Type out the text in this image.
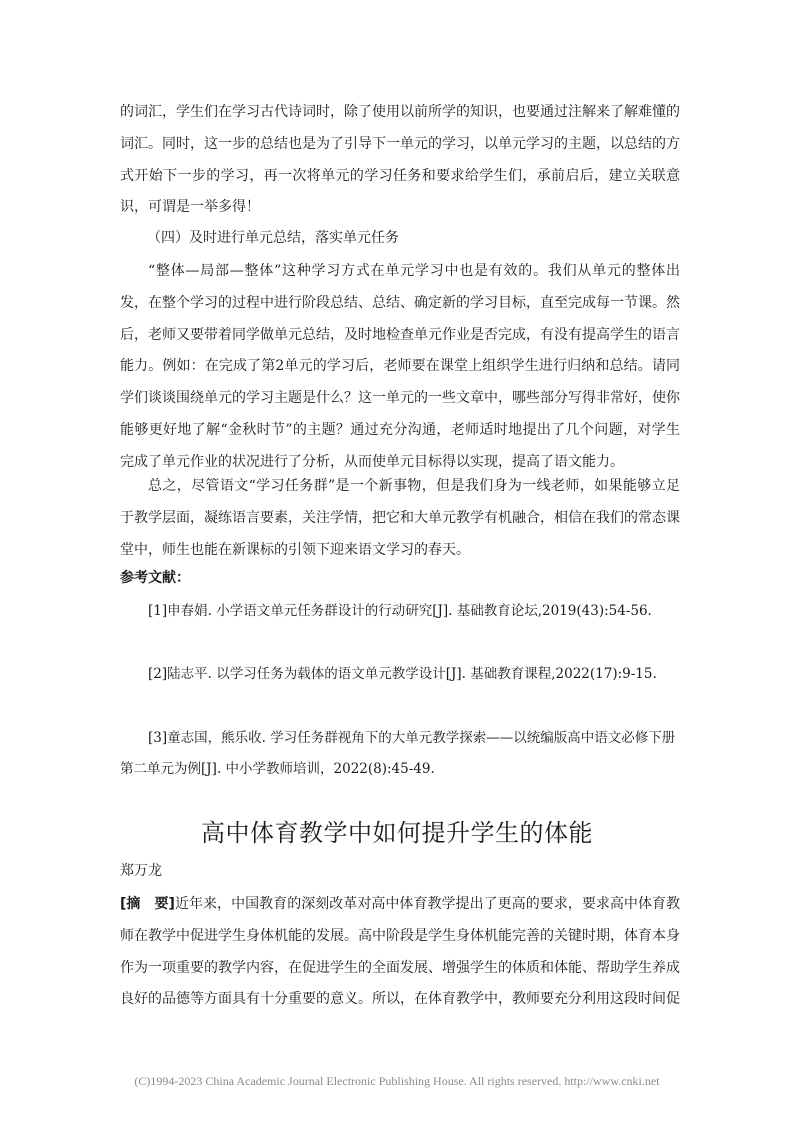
的词汇，学生们在学习古代诗词时，除了使用以前所学的知识，也要通过注解来了解难懂的词汇。同时，这一步的总结也是为了引导下一单元的学习，以单元学习的主题，以总结的方式开始下一步的学习，再一次将单元的学习任务和要求给学生们，承前启后，建立关联意识，可谓是一举多得！

（四）及时进行单元总结，落实单元任务

“整体—局部—整体”这种学习方式在单元学习中也是有效的。我们从单元的整体出发，在整个学习的过程中进行阶段总结、总结、确定新的学习目标，直至完成每一节课。然后，老师又要带着同学做单元总结，及时地检查单元作业是否完成，有没有提高学生的语言能力。例如：在完成了第2单元的学习后，老师要在课堂上组织学生进行归纳和总结。请同学们谈谈围绕单元的学习主题是什么？这一单元的一些文章中，哪些部分写得非常好，使你能够更好地了解“金秋时节”的主题？通过充分沟通，老师适时地提出了几个问题，对学生完成了单元作业的状况进行了分析，从而使单元目标得以实现，提高了语文能力。

总之，尽管语文“学习任务群”是一个新事物，但是我们身为一线老师，如果能够立足于教学层面，凝练语言要素，关注学情，把它和大单元教学有机融合，相信在我们的常态课堂中，师生也能在新课标的引领下迎来语文学习的春天。

参考文献：

[1]申春娟. 小学语文单元任务群设计的行动研究[J]. 基础教育论坛,2019(43):54-56.

[2]陆志平. 以学习任务为载体的语文单元教学设计[J]. 基础教育课程,2022(17):9-15.

[3]童志国，熊乐收. 学习任务群视角下的大单元教学探索——以统编版高中语文必修下册第二单元为例[J]. 中小学教师培训，2022(8):45-49.

高中体育教学中如何提升学生的体能

郑万龙

[摘　要]近年来，中国教育的深刻改革对高中体育教学提出了更高的要求，要求高中体育教师在教学中促进学生身体机能的发展。高中阶段是学生身体机能完善的关键时期，体育本身作为一项重要的教学内容，在促进学生的全面发展、增强学生的体质和体能、帮助学生养成良好的品德等方面具有十分重要的意义。所以，在体育教学中，教师要充分利用这段时间促

(C)1994-2023 China Academic Journal Electronic Publishing House. All rights reserved. http://www.cnki.net
